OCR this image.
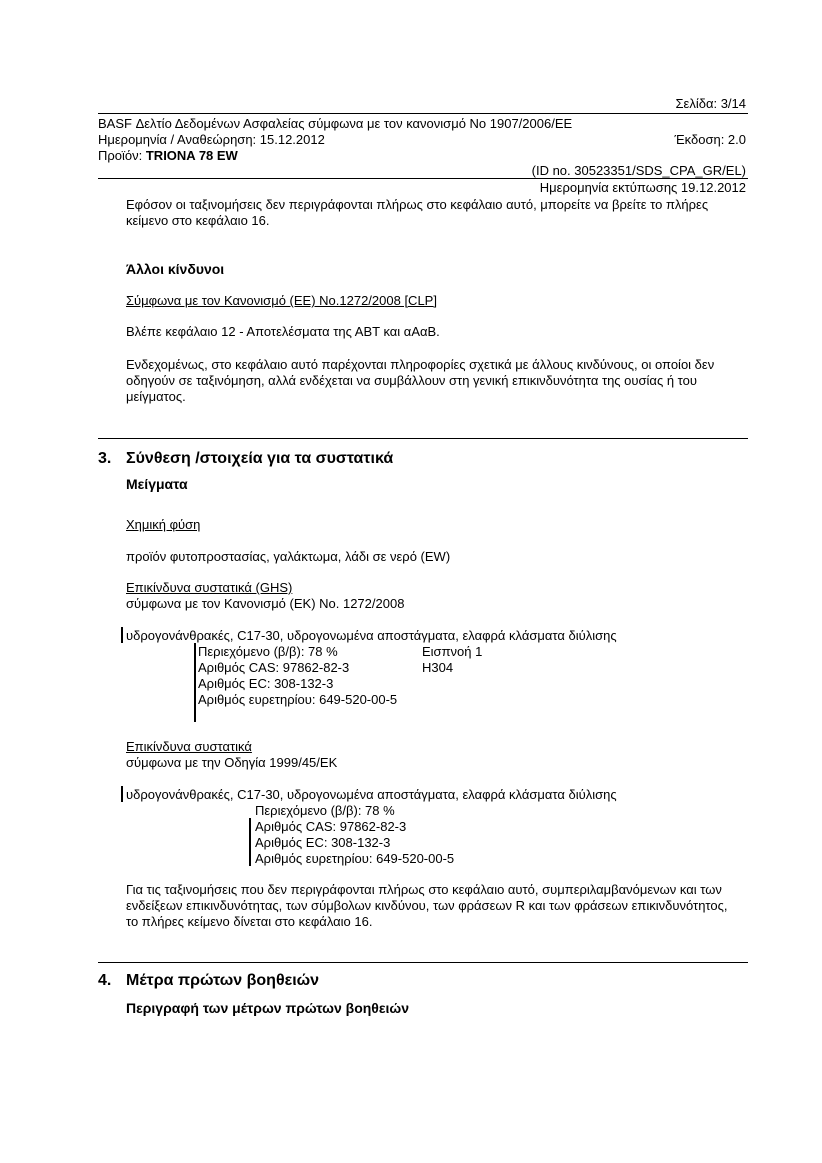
Σελίδα: 3/14
BASF Δελτίο Δεδομένων Ασφαλείας σύμφωνα με τον κανονισμό No 1907/2006/ΕΕ
Ημερομηνία / Αναθεώρηση: 15.12.2012	Έκδοση: 2.0
Προϊόν: TRIONA 78 EW
(ID no. 30523351/SDS_CPA_GR/EL)
Ημερομηνία εκτύπωσης 19.12.2012
Εφόσον οι ταξινομήσεις δεν περιγράφονται πλήρως στο κεφάλαιο αυτό, μπορείτε να βρείτε το πλήρες κείμενο στο κεφάλαιο 16.
Άλλοι κίνδυνοι
Σύμφωνα με τον Κανονισμό (ΕΕ) No.1272/2008 [CLP]
Βλέπε κεφάλαιο 12 - Αποτελέσματα της ΑΒΤ και αΑαΒ.
Ενδεχομένως, στο κεφάλαιο αυτό παρέχονται πληροφορίες σχετικά με άλλους κινδύνους, οι οποίοι δεν οδηγούν σε ταξινόμηση, αλλά ενδέχεται να συμβάλλουν στη γενική επικινδυνότητα της ουσίας ή του μείγματος.
3. Σύνθεση /στοιχεία για τα συστατικά
Μείγματα
Χημική φύση
προϊόν φυτοπροστασίας, γαλάκτωμα, λάδι σε νερό (EW)
Επικίνδυνα συστατικά (GHS)
σύμφωνα με τον Κανονισμό (ΕΚ) No. 1272/2008
υδρογονάνθρακές, C17-30, υδρογονωμένα αποστάγματα, ελαφρά κλάσματα διύλισης
Περιεχόμενο (β/β): 78 %
Αριθμός CAS: 97862-82-3
Αριθμός EC: 308-132-3
Αριθμός ευρετηρίου: 649-520-00-5
Εισπνοή 1
H304
Επικίνδυνα συστατικά
σύμφωνα με την Οδηγία 1999/45/ΕΚ
υδρογονάνθρακές, C17-30, υδρογονωμένα αποστάγματα, ελαφρά κλάσματα διύλισης
Περιεχόμενο (β/β): 78 %
Αριθμός CAS: 97862-82-3
Αριθμός EC: 308-132-3
Αριθμός ευρετηρίου: 649-520-00-5
Για τις ταξινομήσεις που δεν περιγράφονται πλήρως στο κεφάλαιο αυτό, συμπεριλαμβανόμενων και των ενδείξεων επικινδυνότητας, των σύμβολων κινδύνου, των φράσεων R και των φράσεων επικινδυνότητος, το πλήρες κείμενο δίνεται στο κεφάλαιο 16.
4. Μέτρα πρώτων βοηθειών
Περιγραφή των μέτρων πρώτων βοηθειών
